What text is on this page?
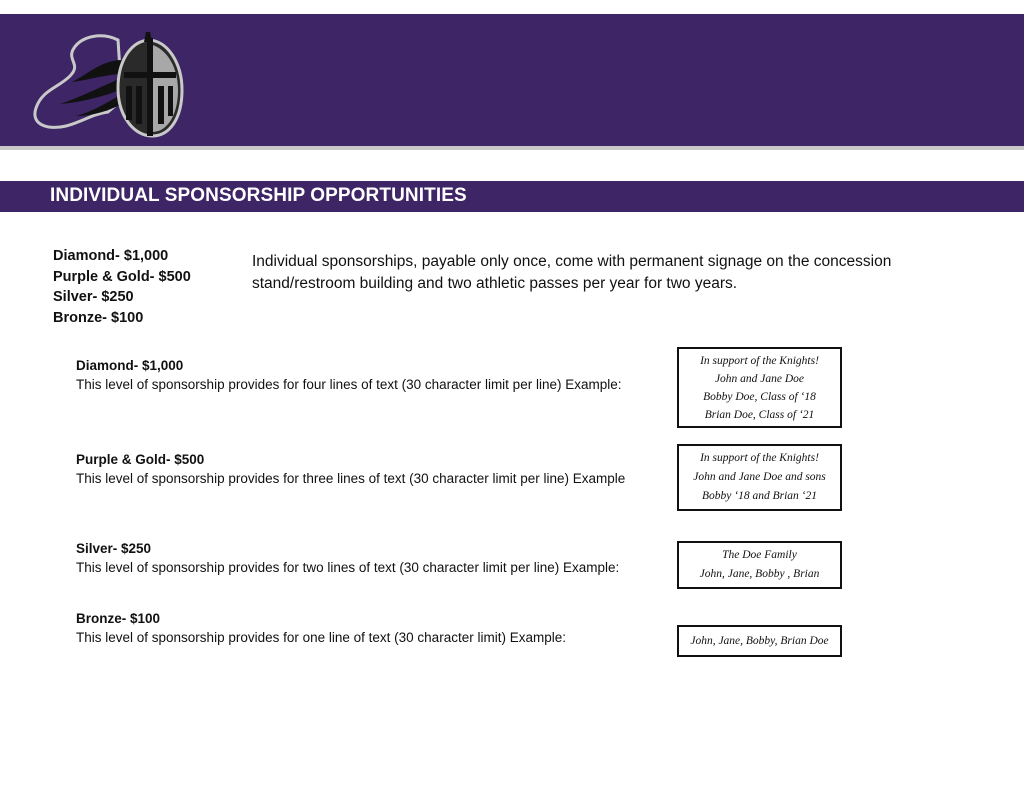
INDIVIDUAL SPONSORSHIP OPPORTUNITIES
Diamond- $1,000
Purple & Gold- $500
Silver- $250
Bronze- $100
Individual sponsorships, payable only once, come with permanent signage on the concession stand/restroom building and two athletic passes per year for two years.
Diamond- $1,000
This level of sponsorship provides for four lines of text (30 character limit per line) Example:
In support of the Knights!
John and Jane Doe
Bobby Doe, Class of ‘18
Brian Doe, Class of ‘21
Purple & Gold- $500
This level of sponsorship provides for three lines of text (30 character limit per line) Example
In support of the Knights!
John and Jane Doe and sons
Bobby ‘18 and Brian ‘21
Silver- $250
This level of sponsorship provides for two lines of text (30 character limit per line) Example:
The Doe Family
John, Jane, Bobby , Brian
Bronze- $100
This level of sponsorship provides for one line of text (30 character limit) Example:	John, Jane, Bobby, Brian Doe
